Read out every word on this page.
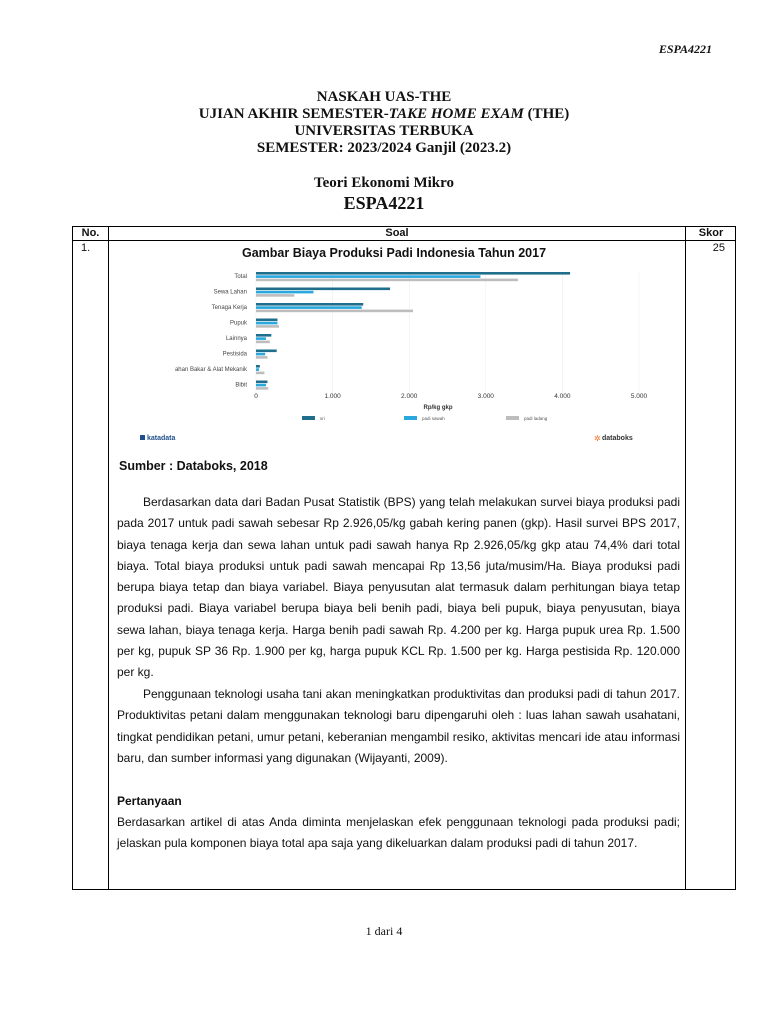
ESPA4221
NASKAH UAS-THE
UJIAN AKHIR SEMESTER-TAKE HOME EXAM (THE)
UNIVERSITAS TERBUKA
SEMESTER: 2023/2024 Ganjil (2023.2)
Teori Ekonomi Mikro
ESPA4221
No.	Soal	Skor
1.	25
Gambar Biaya Produksi Padi Indonesia Tahun 2017
Total
Sewa Lahan
Tenaga Kerja
Pupuk
Lainnya
Pestisida
ahan Bakar & Alat Mekanik
Bibit
0	1.000	2.000	3.000	4.000	5.000
Rp/kg gkp
sri	padi sawah	padi ladang
katadata	✲ databoks
Sumber : Databoks, 2018

Berdasarkan data dari Badan Pusat Statistik (BPS) yang telah melakukan survei biaya produksi padi pada 2017 untuk padi sawah sebesar Rp 2.926,05/kg gabah kering panen (gkp). Hasil survei BPS 2017, biaya tenaga kerja dan sewa lahan untuk padi sawah hanya Rp 2.926,05/kg gkp atau 74,4% dari total biaya. Total biaya produksi untuk padi sawah mencapai Rp 13,56 juta/musim/Ha. Biaya produksi padi berupa biaya tetap dan biaya variabel. Biaya penyusutan alat termasuk dalam perhitungan biaya tetap produksi padi. Biaya variabel berupa biaya beli benih padi, biaya beli pupuk, biaya penyusutan, biaya sewa lahan, biaya tenaga kerja. Harga benih padi sawah Rp. 4.200 per kg. Harga pupuk urea Rp. 1.500 per kg, pupuk SP 36 Rp. 1.900 per kg, harga pupuk KCL Rp. 1.500 per kg. Harga pestisida Rp. 120.000 per kg.

Penggunaan teknologi usaha tani akan meningkatkan produktivitas dan produksi padi di tahun 2017. Produktivitas petani dalam menggunakan teknologi baru dipengaruhi oleh : luas lahan sawah usahatani, tingkat pendidikan petani, umur petani, keberanian mengambil resiko, aktivitas mencari ide atau informasi baru, dan sumber informasi yang digunakan (Wijayanti, 2009).

Pertanyaan

Berdasarkan artikel di atas Anda diminta menjelaskan efek penggunaan teknologi pada produksi padi; jelaskan pula komponen biaya total apa saja yang dikeluarkan dalam produksi padi di tahun 2017.

1 dari 4
